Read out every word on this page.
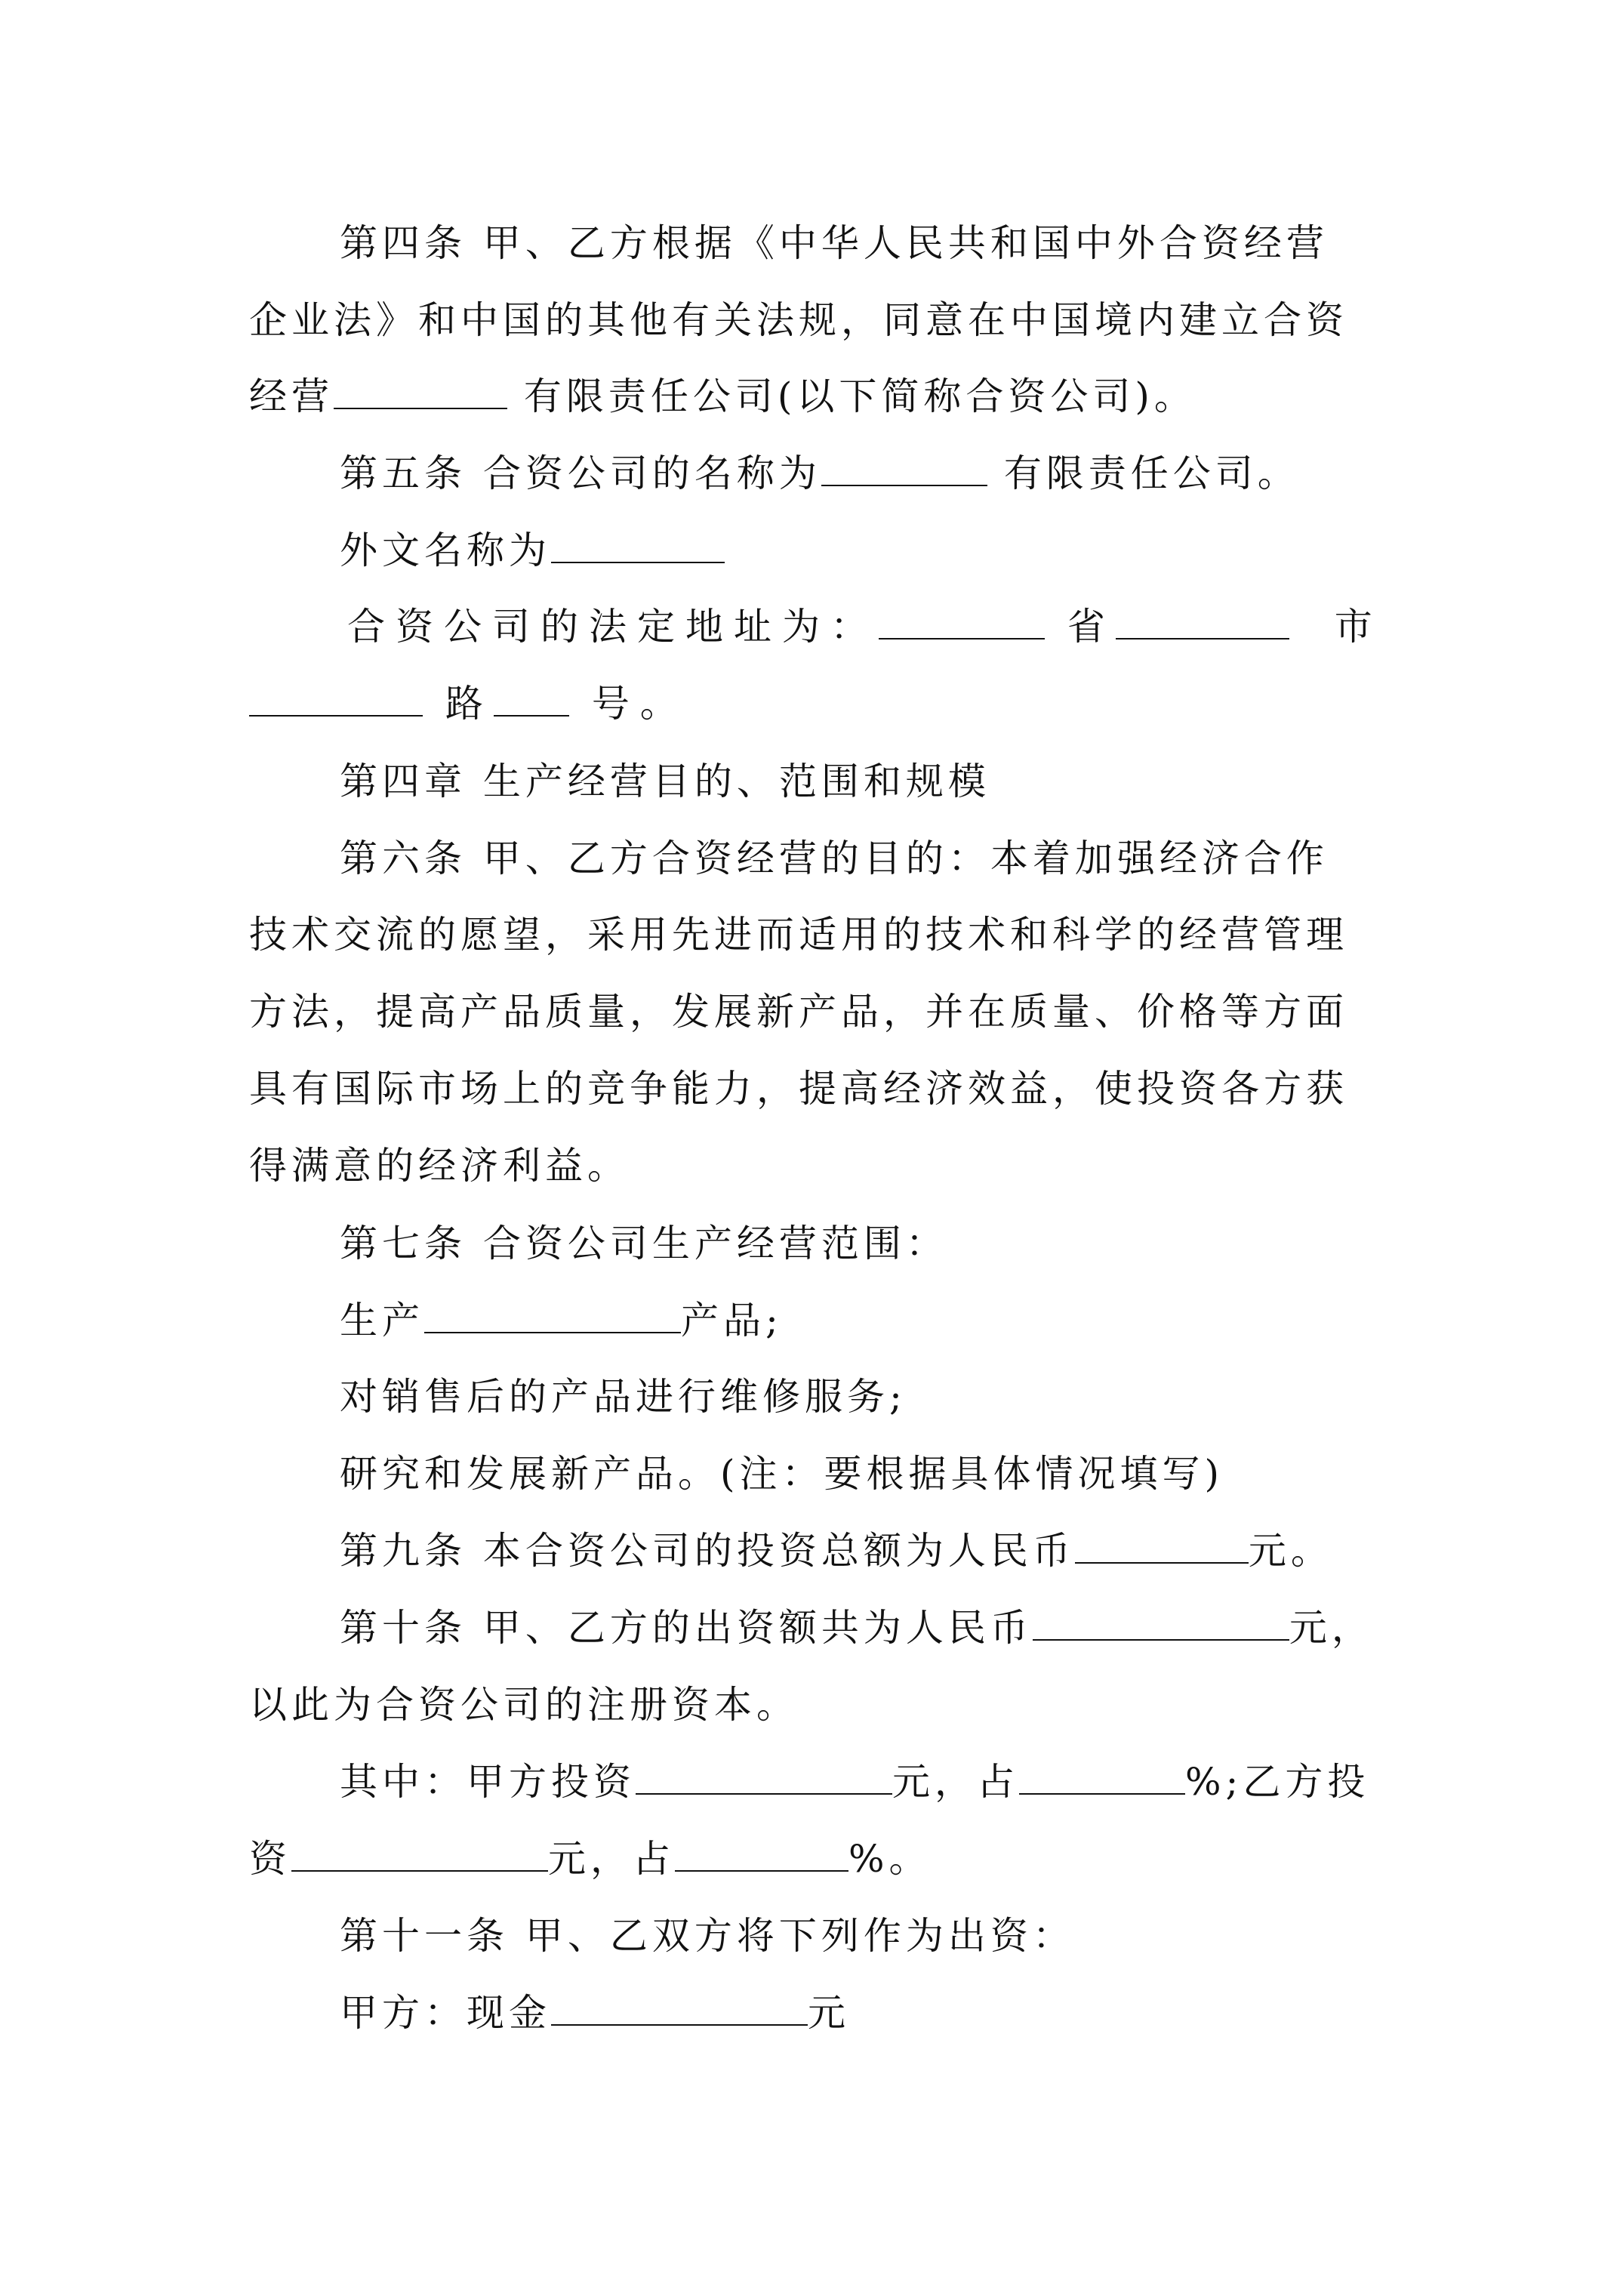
第四条 甲、乙方根据《中华人民共和国中外合资经营
企业法》和中国的其他有关法规，同意在中国境内建立合资
经营	有限责任公司(以下简称合资公司)。
第五条 合资公司的名称为	有限责任公司。
外文名称为
合资公司的法定地址为：	省	市
路	号。
第四章 生产经营目的、范围和规模
第六条 甲、乙方合资经营的目的：本着加强经济合作
技术交流的愿望，采用先进而适用的技术和科学的经营管理
方法，提高产品质量，发展新产品，并在质量、价格等方面
具有国际市场上的竞争能力，提高经济效益，使投资各方获
得满意的经济利益。
第七条 合资公司生产经营范围：
生产	产品;
对销售后的产品进行维修服务;
研究和发展新产品。(注：要根据具体情况填写)
第九条 本合资公司的投资总额为人民币	元。
第十条 甲、乙方的出资额共为人民币	元，
以此为合资公司的注册资本。
其中：甲方投资	元，占	%;乙方投
资	元，占	%。
第十一条 甲、乙双方将下列作为出资：
甲方：现金	元
